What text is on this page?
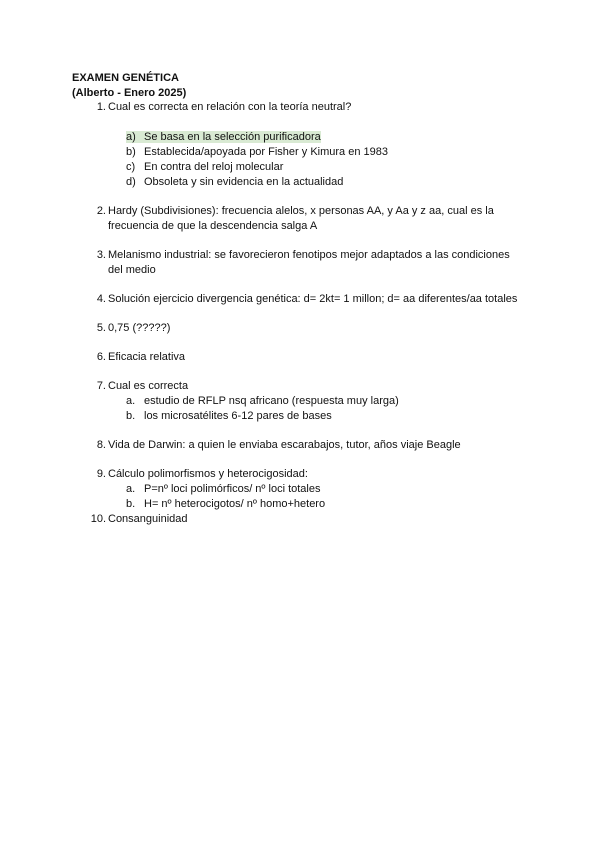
EXAMEN GENÉTICA
(Alberto - Enero 2025)
1. Cual es correcta en relación con la teoría neutral?
a) Se basa en la selección purificadora
b) Establecida/apoyada por Fisher y Kimura en 1983
c) En contra del reloj molecular
d) Obsoleta y sin evidencia en la actualidad
2. Hardy (Subdivisiones): frecuencia alelos, x personas AA, y Aa y z aa, cual es la
frecuencia de que la descendencia salga A
3. Melanismo industrial: se favorecieron fenotipos mejor adaptados a las condiciones
del medio
4. Solución ejercicio divergencia genética: d= 2kt= 1 millon; d= aa diferentes/aa totales
5. 0,75 (?????)
6. Eficacia relativa
7. Cual es correcta
a. estudio de RFLP nsq africano (respuesta muy larga)
b. los microsatélites 6-12 pares de bases
8. Vida de Darwin: a quien le enviaba escarabajos, tutor, años viaje Beagle
9. Cálculo polimorfismos y heterocigosidad:
a. P=nº loci polimórficos/ nº loci totales
b. H= nº heterocigotos/ nº homo+hetero
10. Consanguinidad
